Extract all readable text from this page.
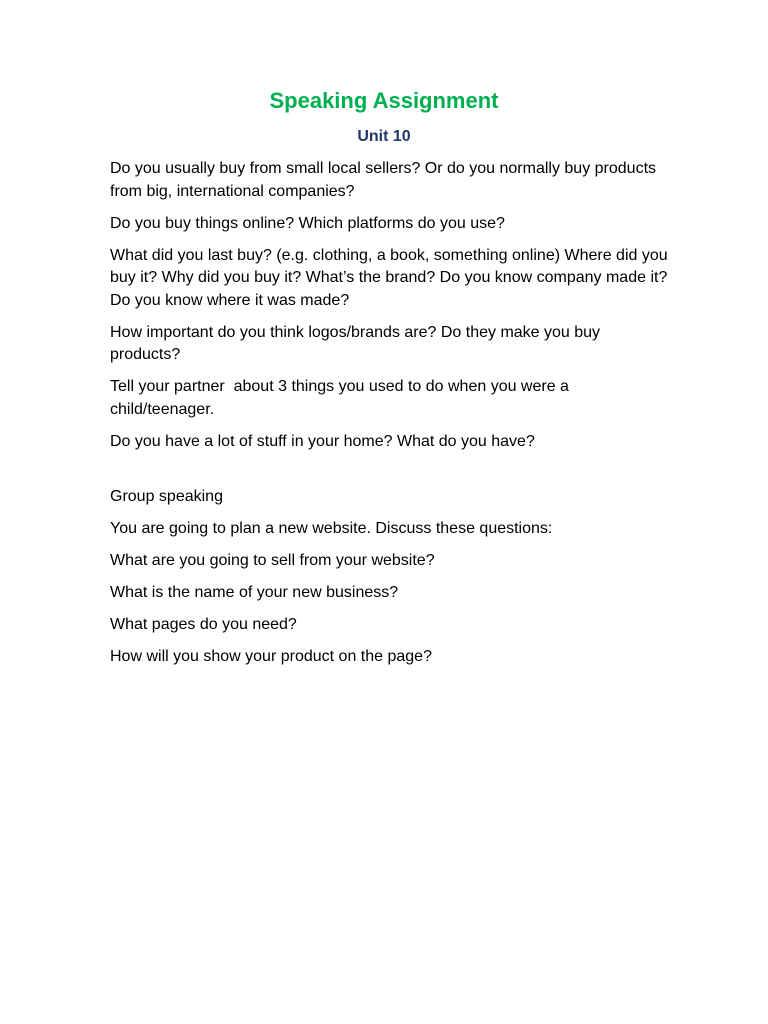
Speaking Assignment
Unit 10

Do you usually buy from small local sellers? Or do you normally buy products from big, international companies?

Do you buy things online? Which platforms do you use?

What did you last buy? (e.g. clothing, a book, something online) Where did you buy it? Why did you buy it? What’s the brand? Do you know company made it? Do you know where it was made?

How important do you think logos/brands are? Do they make you buy products?

Tell your partner  about 3 things you used to do when you were a child/teenager.

Do you have a lot of stuff in your home? What do you have?

Group speaking

You are going to plan a new website. Discuss these questions:

What are you going to sell from your website?

What is the name of your new business?

What pages do you need?

How will you show your product on the page?
